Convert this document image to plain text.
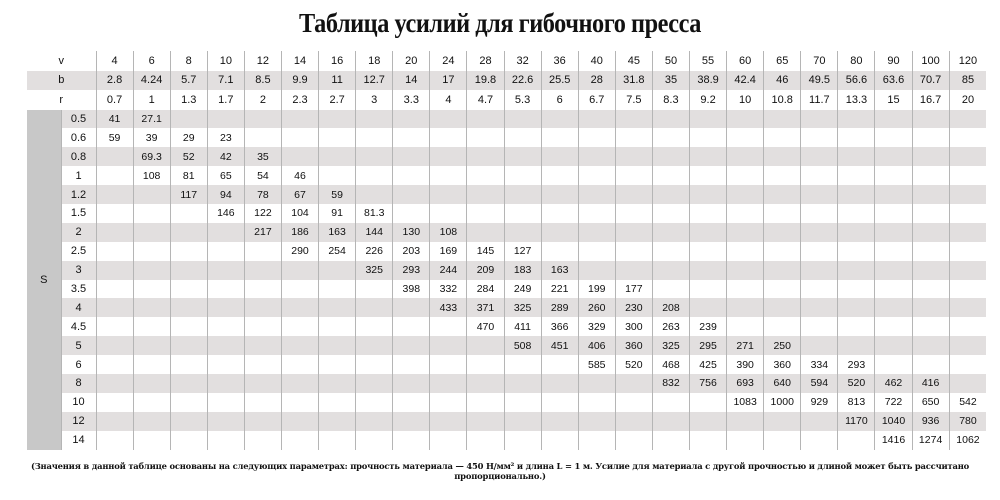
Таблица усилий для гибочного пресса
v		4	6	8	10	12	14	16	18	20	24	28	32	36	40	45	50	55	60	65	70	80	90	100	120
b		2.8	4.24	5.7	7.1	8.5	9.9	11	12.7	14	17	19.8	22.6	25.5	28	31.8	35	38.9	42.4	46	49.5	56.6	63.6	70.7	85
r		0.7	1	1.3	1.7	2	2.3	2.7	3	3.3	4	4.7	5.3	6	6.7	7.5	8.3	9.2	10	10.8	11.7	13.3	15	16.7	20
S	0.5	41	27.1																						
	0.6	59	39	29	23																				
	0.8		69.3	52	42	35																			
	1		108	81	65	54	46																		
	1.2			117	94	78	67	59																	
	1.5				146	122	104	91	81.3																
	2					217	186	163	144	130	108														
	2.5						290	254	226	203	169	145	127												
	3								325	293	244	209	183	163											
	3.5									398	332	284	249	221	199	177									
	4										433	371	325	289	260	230	208								
	4.5											470	411	366	329	300	263	239							
	5												508	451	406	360	325	295	271	250					
	6														585	520	468	425	390	360	334	293			
	8																832	756	693	640	594	520	462	416	
	10																		1083	1000	929	813	722	650	542
	12																					1170	1040	936	780
	14																						1416	1274	1062
(Значения в данной таблице основаны на следующих параметрах: прочность материала — 450 Н/мм² и длина L = 1 м. Усилие для материала с другой прочностью и длиной может быть рассчитано пропорционально.)
